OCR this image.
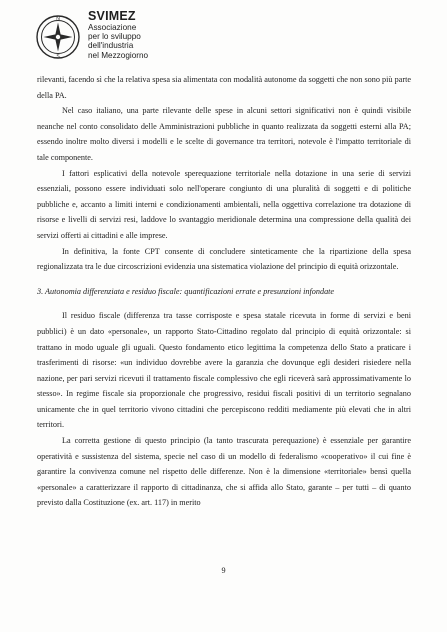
N
S
SVIMEZ
Associazione
per lo sviluppo
dell'industria
nel Mezzogiorno

rilevanti, facendo sì che la relativa spesa sia alimentata con modalità autonome da soggetti che non sono più parte della PA.

Nel caso italiano, una parte rilevante delle spese in alcuni settori significativi non è quindi visibile neanche nel conto consolidato delle Amministrazioni pubbliche in quanto realizzata da soggetti esterni alla PA; essendo inoltre molto diversi i modelli e le scelte di governance tra territori, notevole è l'impatto territoriale di tale componente.

I fattori esplicativi della notevole sperequazione territoriale nella dotazione in una serie di servizi essenziali, possono essere individuati solo nell'operare congiunto di una pluralità di soggetti e di politiche pubbliche e, accanto a limiti interni e condizionamenti ambientali, nella oggettiva correlazione tra dotazione di risorse e livelli di servizi resi, laddove lo svantaggio meridionale determina una compressione della qualità dei servizi offerti ai cittadini e alle imprese.

In definitiva, la fonte CPT consente di concludere sinteticamente che la ripartizione della spesa regionalizzata tra le due circoscrizioni evidenzia una sistematica violazione del principio di equità orizzontale.

3. Autonomia differenziata e residuo fiscale: quantificazioni errate e presunzioni infondate

Il residuo fiscale (differenza tra tasse corrisposte e spesa statale ricevuta in forme di servizi e beni pubblici) è un dato «personale», un rapporto Stato-Cittadino regolato dal principio di equità orizzontale: si trattano in modo uguale gli uguali. Questo fondamento etico legittima la competenza dello Stato a praticare i trasferimenti di risorse: «un individuo dovrebbe avere la garanzia che dovunque egli desideri risiedere nella nazione, per pari servizi ricevuti il trattamento fiscale complessivo che egli riceverà sarà approssimativamente lo stesso». In regime fiscale sia proporzionale che progressivo, residui fiscali positivi di un territorio segnalano unicamente che in quel territorio vivono cittadini che percepiscono redditi mediamente più elevati che in altri territori.

La corretta gestione di questo principio (la tanto trascurata perequazione) è essenziale per garantire operatività e sussistenza del sistema, specie nel caso di un modello di federalismo «cooperativo» il cui fine è garantire la convivenza comune nel rispetto delle differenze. Non è la dimensione «territoriale» bensì quella «personale» a caratterizzare il rapporto di cittadinanza, che si affida allo Stato, garante – per tutti – di quanto previsto dalla Costituzione (ex. art. 117) in merito

9
